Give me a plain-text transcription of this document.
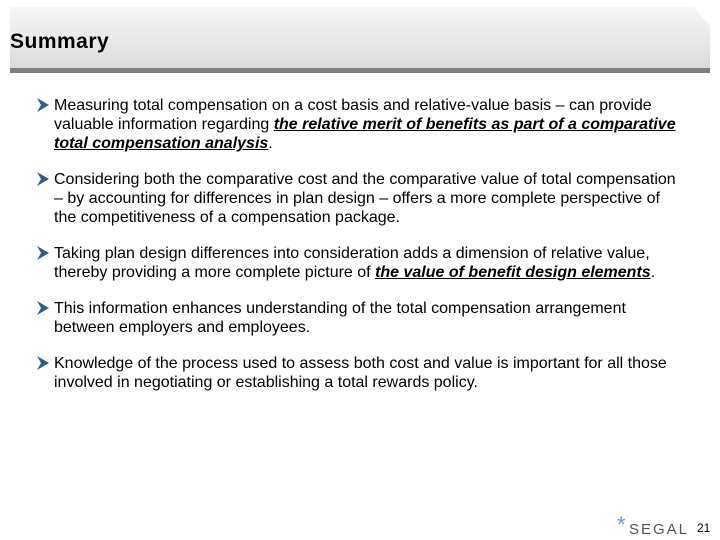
Summary

Measuring total compensation on a cost basis and relative-value basis – can provide valuable information regarding the relative merit of benefits as part of a comparative total compensation analysis.

Considering both the comparative cost and the comparative value of total compensation – by accounting for differences in plan design – offers a more complete perspective of the competitiveness of a compensation package.

Taking plan design differences into consideration adds a dimension of relative value, thereby providing a more complete picture of the value of benefit design elements.

This information enhances understanding of the total compensation arrangement between employers and employees.

Knowledge of the process used to assess both cost and value is important for all those involved in negotiating or establishing a total rewards policy.

* SEGAL 21
